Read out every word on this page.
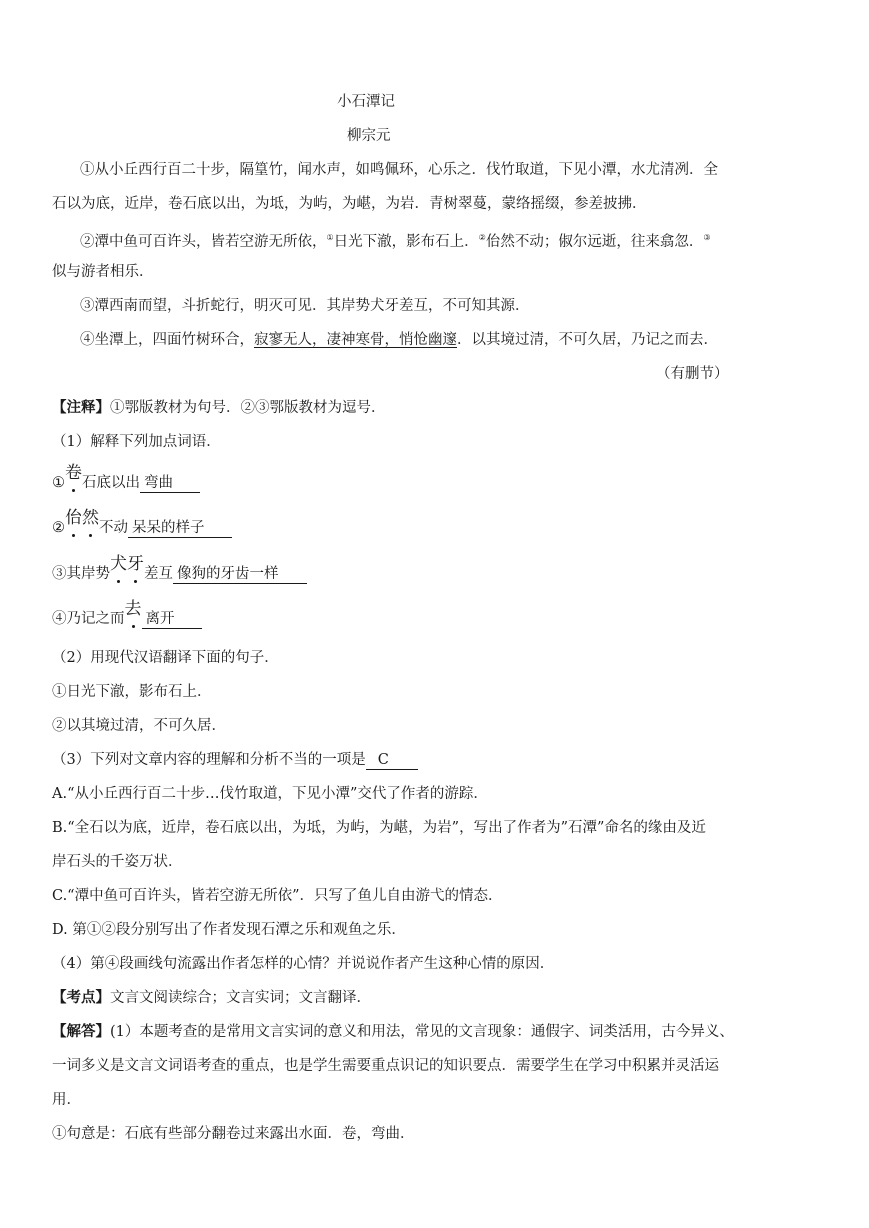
小石潭记
柳宗元
①从小丘西行百二十步，隔篁竹，闻水声，如鸣佩环，心乐之．伐竹取道，下见小潭，水尤清冽．全
石以为底，近岸，卷石底以出，为坻，为屿，为嵁，为岩．青树翠蔓，蒙络摇缀，参差披拂．
②潭中鱼可百许头，皆若空游无所依，①日光下澈，影布石上．②佁然不动；俶尔远逝，往来翕忽．③
似与游者相乐．
③潭西南而望，斗折蛇行，明灭可见．其岸势犬牙差互，不可知其源．
④坐潭上，四面竹树环合，寂寥无人，凄神寒骨，悄怆幽邃．以其境过清，不可久居，乃记之而去．
（有删节）
【注释】①鄂版教材为句号．②③鄂版教材为逗号．
（1）解释下列加点词语．
①卷
石底以出 弯曲
②佁然
不动 呆呆的样子
③其岸势犬牙
差互 像狗的牙齿一样
④乃记之而去 离开
（2）用现代汉语翻译下面的句子．
①日光下澈，影布石上．
②以其境过清，不可久居．
（3）下列对文章内容的理解和分析不当的一项是 C
A.“从小丘西行百二十步…伐竹取道，下见小潭”交代了作者的游踪．
B.“全石以为底，近岸，卷石底以出，为坻，为屿，为嵁，为岩”，写出了作者为”石潭”命名的缘由及近
岸石头的千姿万状．
C.“潭中鱼可百许头，皆若空游无所依”．只写了鱼儿自由游弋的情态．
D. 第①②段分别写出了作者发现石潭之乐和观鱼之乐．
（4）第④段画线句流露出作者怎样的心情？并说说作者产生这种心情的原因．
【考点】文言文阅读综合；文言实词；文言翻译．
【解答】(1）本题考查的是常用文言实词的意义和用法，常见的文言现象：通假字、词类活用，古今异义、
一词多义是文言文词语考查的重点，也是学生需要重点识记的知识要点．需要学生在学习中积累并灵活运
用．
①句意是：石底有些部分翻卷过来露出水面．卷，弯曲．
